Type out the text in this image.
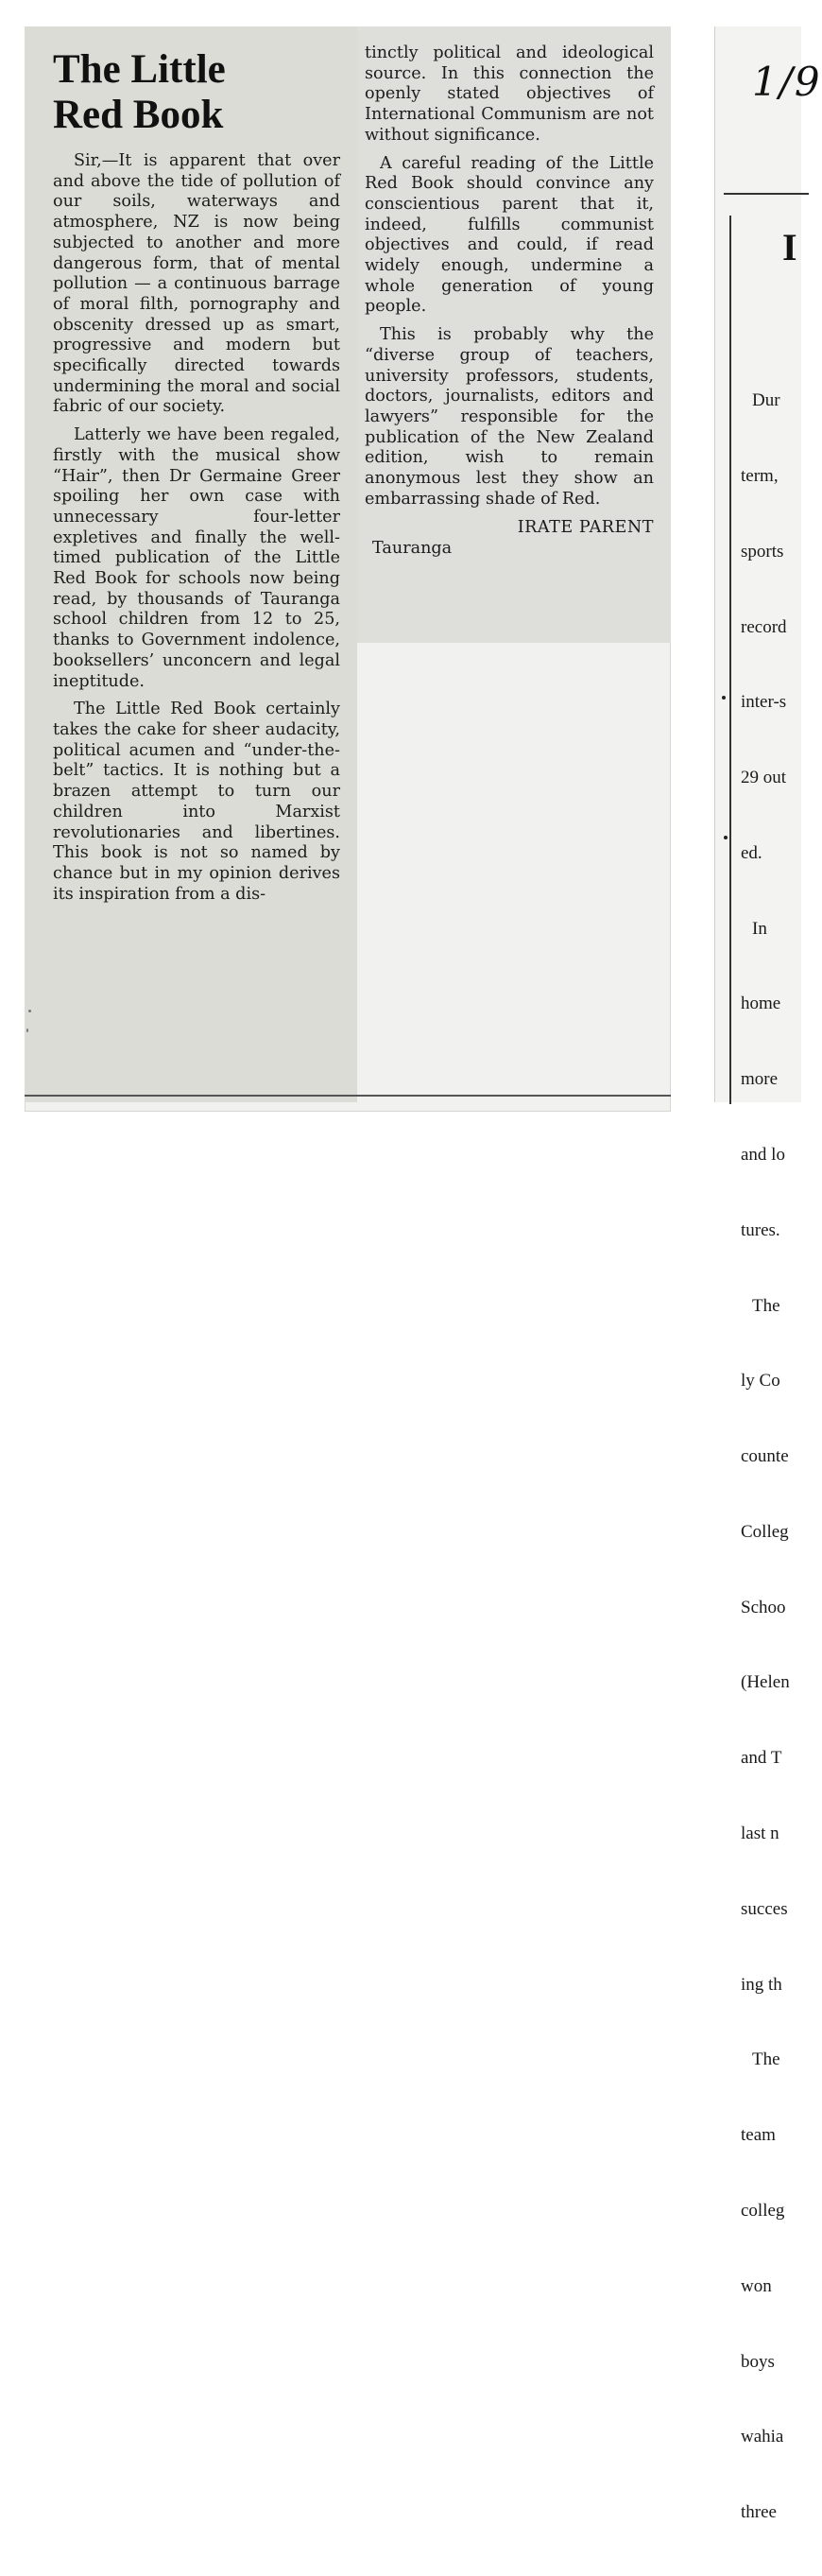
The Little
Red Book

Sir,—It is apparent that over and above the tide of pollution of our soils, waterways and atmosphere, NZ is now being subjected to another and more dangerous form, that of mental pollution — a continuous barrage of moral filth, pornography and obscenity dressed up as smart, progressive and modern but specifically directed towards undermining the moral and social fabric of our society.

Latterly we have been regaled, firstly with the musical show “Hair”, then Dr Germaine Greer spoiling her own case with unnecessary four-letter expletives and finally the well-timed publication of the Little Red Book for schools now being read, by thousands of Tauranga school children from 12 to 25, thanks to Government indolence, booksellers’ unconcern and legal ineptitude.

The Little Red Book certainly takes the cake for sheer audacity, political acumen and “under-the-belt” tactics. It is nothing but a brazen attempt to turn our children into Marxist revolutionaries and libertines. This book is not so named by chance but in my opinion derives its inspiration from a dis-

tinctly political and ideological source. In this connection the openly stated objectives of International Communism are not without significance.

A careful reading of the Little Red Book should convince any conscientious parent that it, indeed, fulfills communist objectives and could, if read widely enough, undermine a whole generation of young people.

This is probably why the “diverse group of teachers, university professors, students, doctors, journalists, editors and lawyers” responsible for the publication of the New Zealand edition, wish to remain anonymous lest they show an embarrassing shade of Red.

IRATE PARENT

Tauranga

1/9
I

Dur

term,

sports

record

inter-s

29 out

ed.

In

home

more

and lo

tures.

The

ly Co

counte

Colleg

Schoo

(Helen

and T

last n

succes

ing th

The

team

colleg

won

boys

wahia

three
